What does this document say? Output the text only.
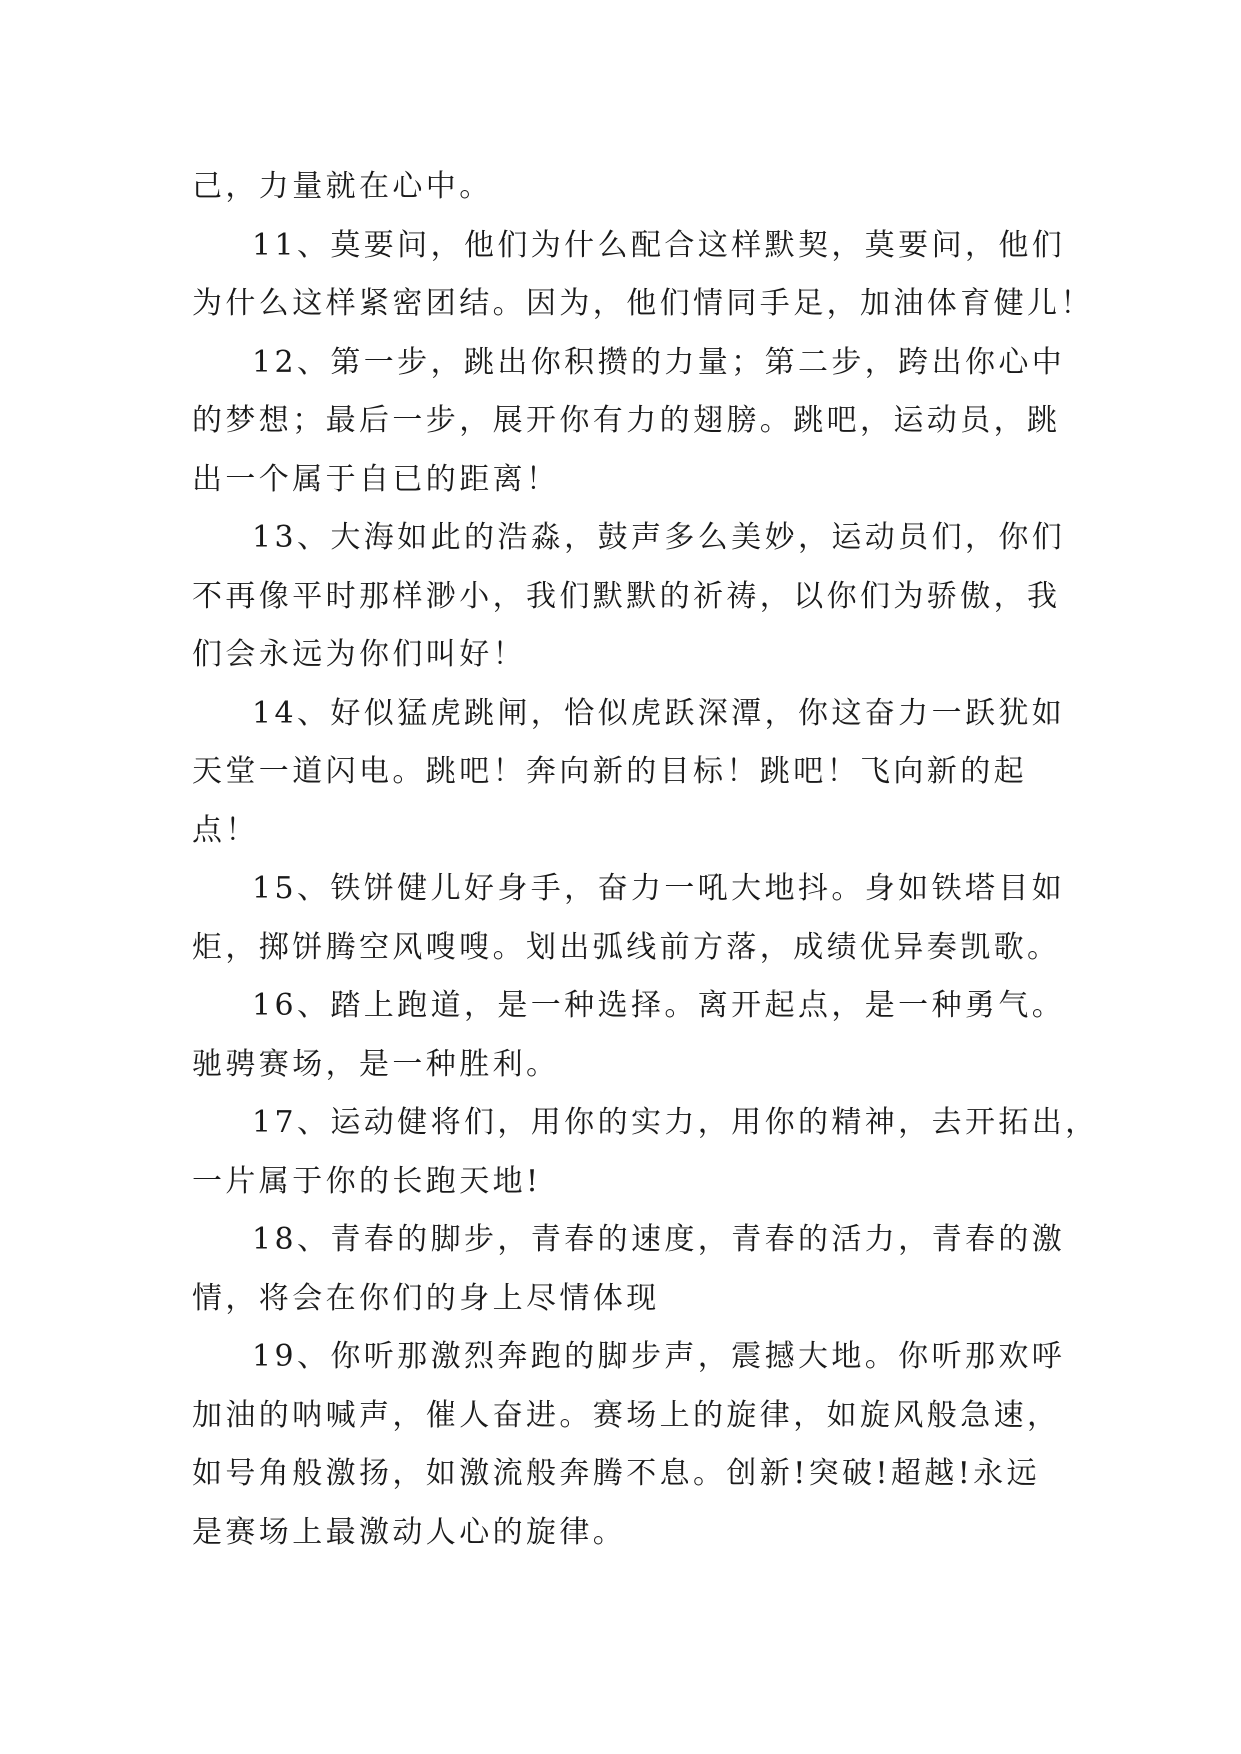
己，力量就在心中。
11、莫要问，他们为什么配合这样默契，莫要问，他们
为什么这样紧密团结。因为，他们情同手足，加油体育健儿！
12、第一步，跳出你积攒的力量；第二步，跨出你心中
的梦想；最后一步，展开你有力的翅膀。跳吧，运动员，跳
出一个属于自已的距离！
13、大海如此的浩淼，鼓声多么美妙，运动员们，你们
不再像平时那样渺小，我们默默的祈祷，以你们为骄傲，我
们会永远为你们叫好！
14、好似猛虎跳闸，恰似虎跃深潭，你这奋力一跃犹如
天堂一道闪电。跳吧！奔向新的目标！跳吧！飞向新的起
点！
15、铁饼健儿好身手，奋力一吼大地抖。身如铁塔目如
炬，掷饼腾空风嗖嗖。划出弧线前方落，成绩优异奏凯歌。
16、踏上跑道，是一种选择。离开起点，是一种勇气。
驰骋赛场，是一种胜利。
17、运动健将们，用你的实力，用你的精神，去开拓出，
一片属于你的长跑天地!
18、青春的脚步，青春的速度，青春的活力，青春的激
情，将会在你们的身上尽情体现
19、你听那激烈奔跑的脚步声，震撼大地。你听那欢呼
加油的呐喊声，催人奋进。赛场上的旋律，如旋风般急速，
如号角般激扬，如激流般奔腾不息。创新!突破!超越!永远
是赛场上最激动人心的旋律。
